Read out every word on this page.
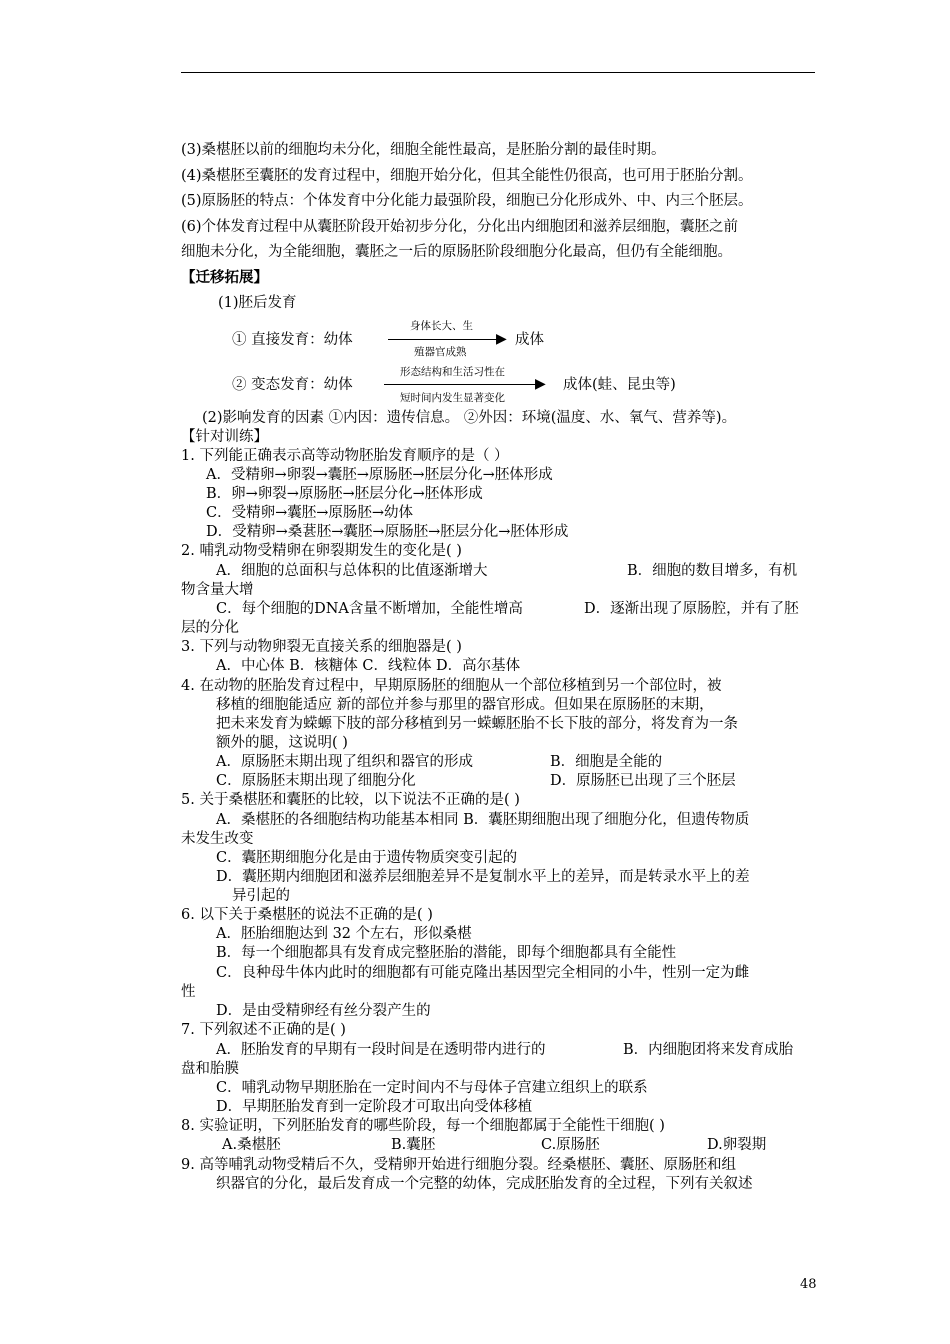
(3)桑椹胚以前的细胞均未分化，细胞全能性最高，是胚胎分割的最佳时期。
(4)桑椹胚至囊胚的发育过程中，细胞开始分化，但其全能性仍很高，也可用于胚胎分割。
(5)原肠胚的特点：个体发育中分化能力最强阶段，细胞已分化形成外、中、内三个胚层。
(6)个体发育过程中从囊胚阶段开始初步分化，分化出内细胞团和滋养层细胞，囊胚之前
细胞未分化，为全能细胞，囊胚之一后的原肠胚阶段细胞分化最高，但仍有全能细胞。
【迁移拓展】
(1)胚后发育
① 直接发育：幼体
身体长大、生
▶
殖器官成熟
成体
② 变态发育：幼体
形态结构和生活习性在
▶
短时间内发生显著变化
成体(蛙、昆虫等)
(2)影响发育的因素 ①内因：遗传信息。 ②外因：环境(温度、水、氧气、营养等)。
【针对训练】
1. 下列能正确表示高等动物胚胎发育顺序的是（ ）
A．受精卵→卵裂→囊胚→原肠胚→胚层分化→胚体形成
B．卵→卵裂→原肠胚→胚层分化→胚体形成
C．受精卵→囊胚→原肠胚→幼体
D．受精卵→桑葚胚→囊胚→原肠胚→胚层分化→胚体形成
2. 哺乳动物受精卵在卵裂期发生的变化是( )
A．细胞的总面积与总体积的比值逐渐增大	B．细胞的数目增多，有机
物含量大增
C．每个细胞的DNA含量不断增加，全能性增高	D．逐渐出现了原肠腔，并有了胚
层的分化
3. 下列与动物卵裂无直接关系的细胞器是( )
A．中心体 B．核糖体 C．线粒体 D．高尔基体
4. 在动物的胚胎发育过程中，早期原肠胚的细胞从一个部位移植到另一个部位时，被
移植的细胞能适应 新的部位并参与那里的器官形成。但如果在原肠胚的末期，
把未来发育为蝾螈下肢的部分移植到另一蝾螈胚胎不长下肢的部分，将发育为一条
额外的腿，这说明( )
A．原肠胚末期出现了组织和器官的形成	B．细胞是全能的
C．原肠胚末期出现了细胞分化	D．原肠胚已出现了三个胚层
5. 关于桑椹胚和囊胚的比较，以下说法不正确的是( )
A．桑椹胚的各细胞结构功能基本相同 B．囊胚期细胞出现了细胞分化，但遗传物质
未发生改变
C．囊胚期细胞分化是由于遗传物质突变引起的
D．囊胚期内细胞团和滋养层细胞差异不是复制水平上的差异，而是转录水平上的差
异引起的
6. 以下关于桑椹胚的说法不正确的是( )
A．胚胎细胞达到 32 个左右，形似桑椹
B．每一个细胞都具有发育成完整胚胎的潜能，即每个细胞都具有全能性
C．良种母牛体内此时的细胞都有可能克隆出基因型完全相同的小牛，性别一定为雌
性
D．是由受精卵经有丝分裂产生的
7. 下列叙述不正确的是( )
A．胚胎发育的早期有一段时间是在透明带内进行的	B．内细胞团将来发育成胎
盘和胎膜
C．哺乳动物早期胚胎在一定时间内不与母体子宫建立组织上的联系
D．早期胚胎发育到一定阶段才可取出向受体移植
8. 实验证明，下列胚胎发育的哪些阶段，每一个细胞都属于全能性干细胞( )
A.桑椹胚	B.囊胚	C.原肠胚	D.卵裂期
9. 高等哺乳动物受精后不久，受精卵开始进行细胞分裂。经桑椹胚、囊胚、原肠胚和组
织器官的分化，最后发育成一个完整的幼体，完成胚胎发育的全过程，下列有关叙述
48
